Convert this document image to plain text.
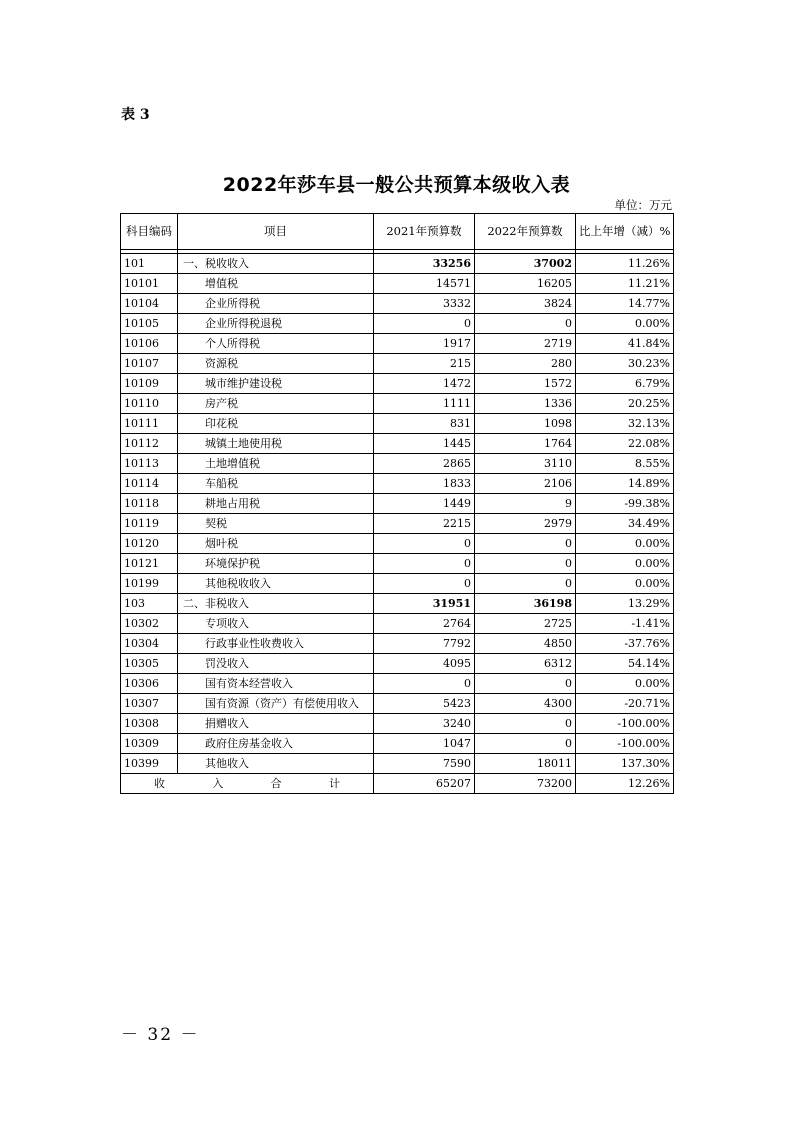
表 3
2022年莎车县一般公共预算本级收入表
单位：万元
科目编码	项目	2021年预算数	2022年预算数	比上年增（减）%

101	一、税收收入	33256	37002	11.26%
10101	增值税	14571	16205	11.21%
10104	企业所得税	3332	3824	14.77%
10105	企业所得税退税	0	0	0.00%
10106	个人所得税	1917	2719	41.84%
10107	资源税	215	280	30.23%
10109	城市维护建设税	1472	1572	6.79%
10110	房产税	1111	1336	20.25%
10111	印花税	831	1098	32.13%
10112	城镇土地使用税	1445	1764	22.08%
10113	土地增值税	2865	3110	8.55%
10114	车船税	1833	2106	14.89%
10118	耕地占用税	1449	9	-99.38%
10119	契税	2215	2979	34.49%
10120	烟叶税	0	0	0.00%
10121	环境保护税	0	0	0.00%
10199	其他税收收入	0	0	0.00%
103	二、非税收入	31951	36198	13.29%
10302	专项收入	2764	2725	-1.41%
10304	行政事业性收费收入	7792	4850	-37.76%
10305	罚没收入	4095	6312	54.14%
10306	国有资本经营收入	0	0	0.00%
10307	国有资源（资产）有偿使用收入	5423	4300	-20.71%
10308	捐赠收入	3240	0	-100.00%
10309	政府住房基金收入	1047	0	-100.00%
10399	其他收入	7590	18011	137.30%

收 入 合 计		65207	73200	12.26%
－ 32 －
